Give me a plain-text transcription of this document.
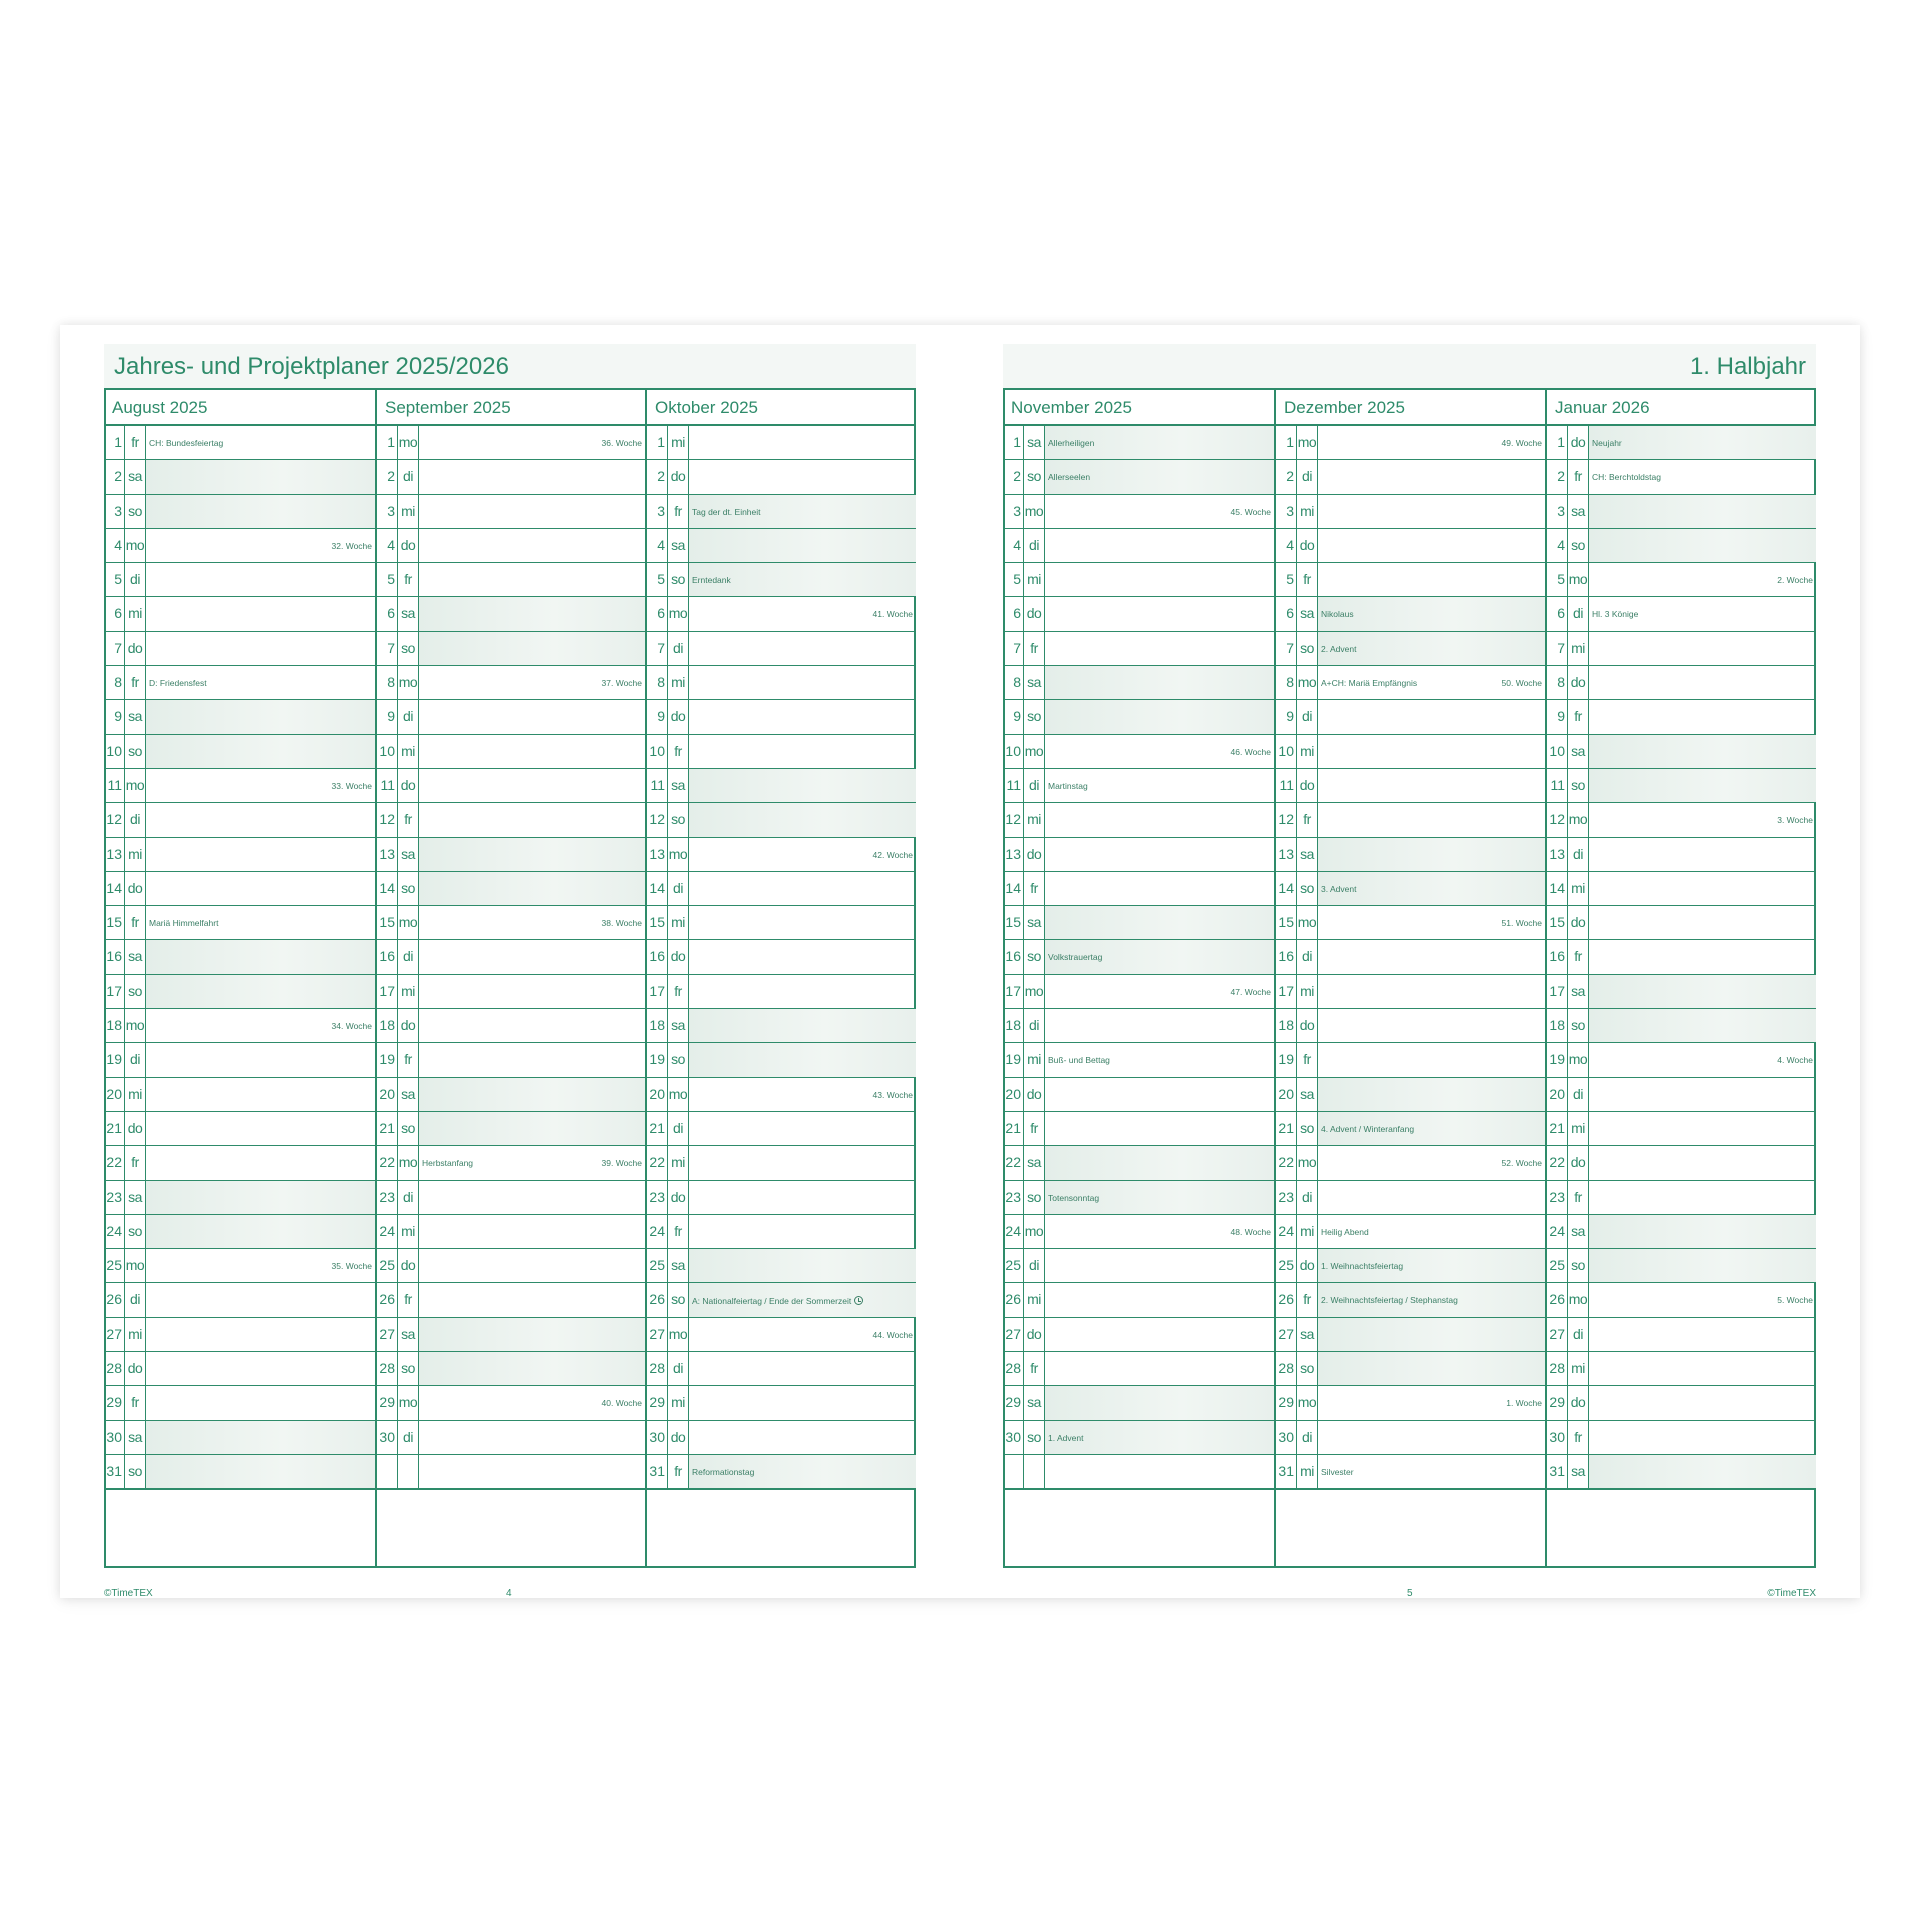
Jahres- und Projektplaner 2025/2026
August 2025
1 fr	CH: Bundesfeiertag
2 sa
3 so
4 mo	32. Woche
5 di
6 mi
7 do
8 fr	D: Friedensfest
9 sa
10 so
11 mo	33. Woche
12 di
13 mi
14 do
15 fr	Mariä Himmelfahrt
16 sa
17 so
18 mo	34. Woche
19 di
20 mi
21 do
22 fr
23 sa
24 so
25 mo	35. Woche
26 di
27 mi
28 do
29 fr
30 sa
31 so
September 2025
1 mo	36. Woche
2 di
3 mi
4 do
5 fr
6 sa
7 so
8 mo	37. Woche
9 di
10 mi
11 do
12 fr
13 sa
14 so
15 mo	38. Woche
16 di
17 mi
18 do
19 fr
20 sa
21 so
22 mo Herbstanfang	39. Woche
23 di
24 mi
25 do
26 fr
27 sa
28 so
29 mo	40. Woche
30 di
Oktober 2025
1 mi
2 do
3 fr	Tag der dt. Einheit
4 sa
5 so Erntedank
6 mo	41. Woche
7 di
8 mi
9 do
10 fr
11 sa
12 so
13 mo	42. Woche
14 di
15 mi
16 do
17 fr
18 sa
19 so
20 mo	43. Woche
21 di
22 mi
23 do
24 fr
25 sa
26 so A: Nationalfeiertag / Ende der Sommerzeit
27 mo	44. Woche
28 di
29 mi
30 do
31 fr	Reformationstag
©TimeTEX	4
1. Halbjahr
November 2025
1 sa Allerheiligen
2 so Allerseelen
3 mo	45. Woche
4 di
5 mi
6 do
7 fr
8 sa
9 so
10 mo	46. Woche
11 di	Martinstag
12 mi
13 do
14 fr
15 sa
16 so Volkstrauertag
17 mo	47. Woche
18 di
19 mi Buß- und Bettag
20 do
21 fr
22 sa
23 so Totensonntag
24 mo	48. Woche
25 di
26 mi
27 do
28 fr
29 sa
30 so 1. Advent
Dezember 2025
1 mo	49. Woche
2 di
3 mi
4 do
5 fr
6 sa Nikolaus
7 so 2. Advent
8 mo A+CH: Mariä Empfängnis	50. Woche
9 di
10 mi
11 do
12 fr
13 sa
14 so 3. Advent
15 mo	51. Woche
16 di
17 mi
18 do
19 fr
20 sa
21 so 4. Advent / Winteranfang
22 mo	52. Woche
23 di
24 mi Heilig Abend
25 do 1. Weihnachtsfeiertag
26 fr	2. Weihnachtsfeiertag / Stephanstag
27 sa
28 so
29 mo	1. Woche
30 di
31 mi Silvester
Januar 2026
1 do Neujahr
2 fr	CH: Berchtoldstag
3 sa
4 so
5 mo	2. Woche
6 di	Hl. 3 Könige
7 mi
8 do
9 fr
10 sa
11 so
12 mo	3. Woche
13 di
14 mi
15 do
16 fr
17 sa
18 so
19 mo	4. Woche
20 di
21 mi
22 do
23 fr
24 sa
25 so
26 mo	5. Woche
27 di
28 mi
29 do
30 fr
31 sa
5	©TimeTEX
